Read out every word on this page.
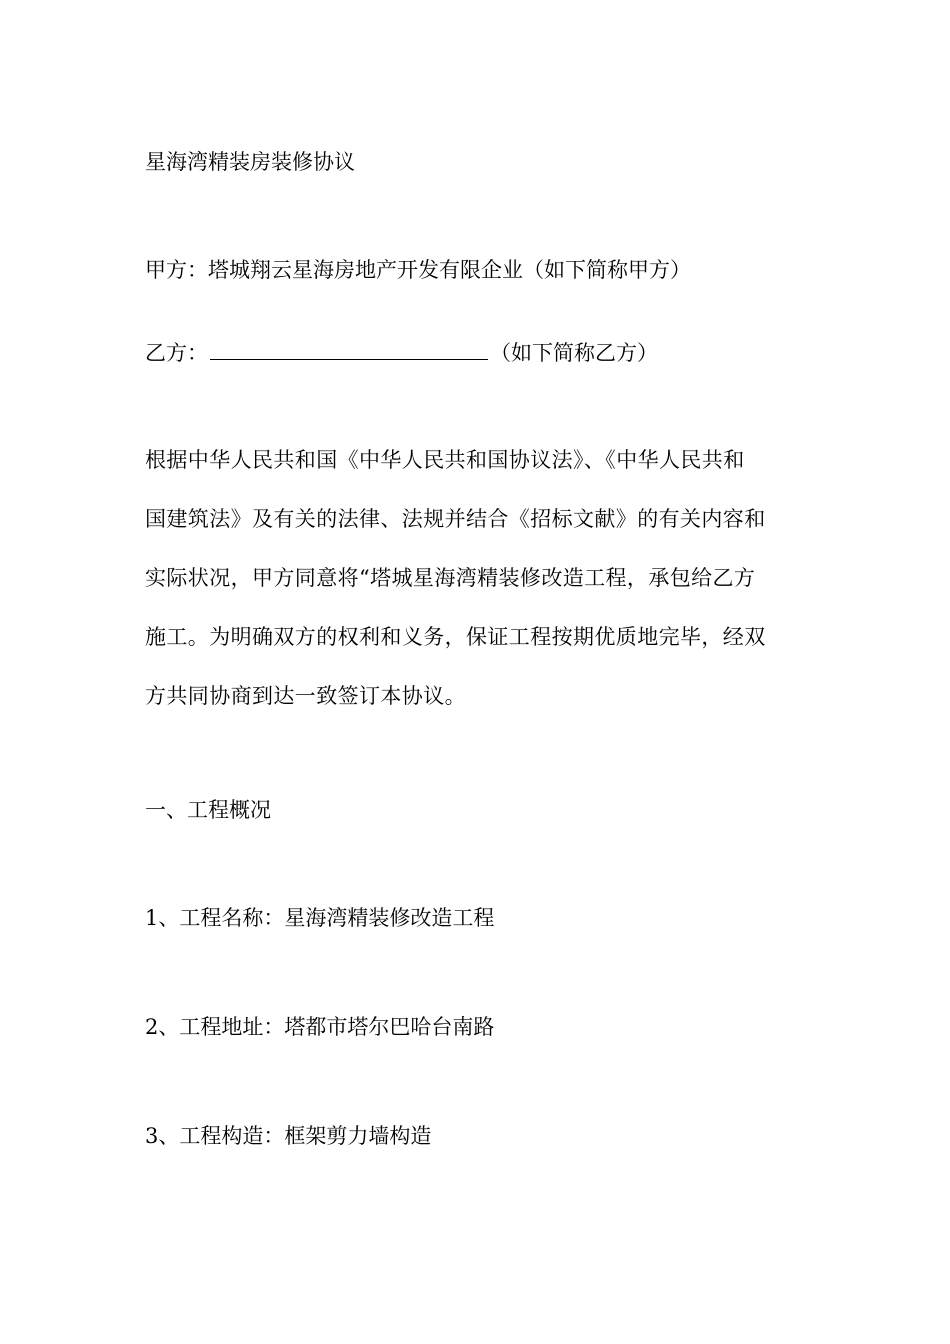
星海湾精装房装修协议
甲方：塔城翔云星海房地产开发有限企业（如下简称甲方）
乙方：	（如下简称乙方）
根据中华人民共和国《中华人民共和国协议法》、《中华人民共和
国建筑法》及有关的法律、法规并结合《招标文献》的有关内容和
实际状况，甲方同意将“塔城星海湾精装修改造工程，承包给乙方
施工。为明确双方的权利和义务，保证工程按期优质地完毕，经双
方共同协商到达一致签订本协议。
一、工程概况
1、工程名称：星海湾精装修改造工程
2、工程地址：塔都市塔尔巴哈台南路
3、工程构造：框架剪力墙构造
